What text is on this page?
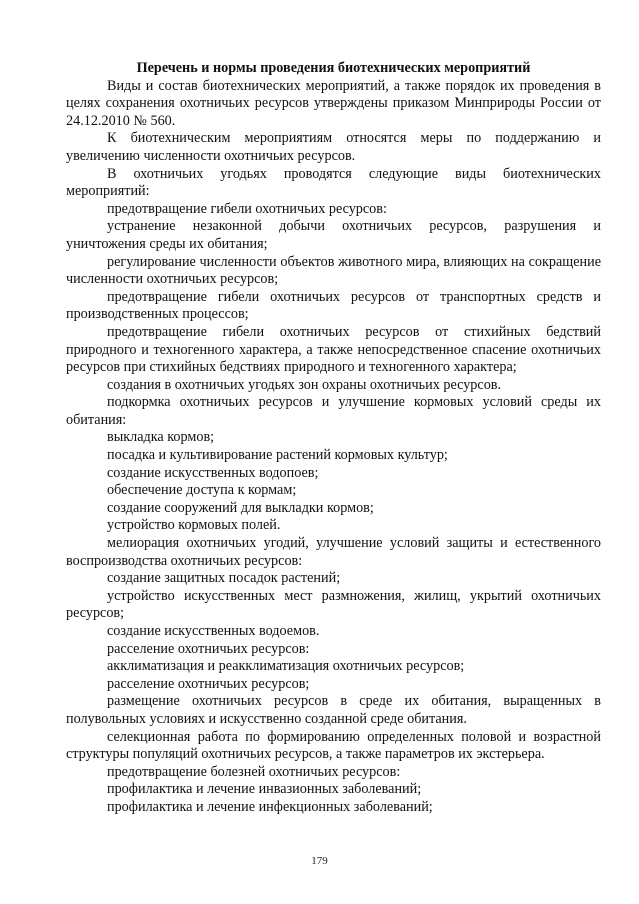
Перечень и нормы проведения биотехнических мероприятий

Виды и состав биотехнических мероприятий, а также порядок их проведения в целях сохранения охотничьих ресурсов утверждены приказом Минприроды России от 24.12.2010 № 560.

К биотехническим мероприятиям относятся меры по поддержанию и увеличению численности охотничьих ресурсов.

В охотничьих угодьях проводятся следующие виды биотехнических мероприятий:

предотвращение гибели охотничьих ресурсов:

устранение незаконной добычи охотничьих ресурсов, разрушения и уничтожения среды их обитания;

регулирование численности объектов животного мира, влияющих на сокращение численности охотничьих ресурсов;

предотвращение гибели охотничьих ресурсов от транспортных средств и производственных процессов;

предотвращение гибели охотничьих ресурсов от стихийных бедствий природного и техногенного характера, а также непосредственное спасение охотничьих ресурсов при стихийных бедствиях природного и техногенного характера;

создания в охотничьих угодьях зон охраны охотничьих ресурсов.

подкормка охотничьих ресурсов и улучшение кормовых условий среды их обитания:

выкладка кормов;

посадка и культивирование растений кормовых культур;

создание искусственных водопоев;

обеспечение доступа к кормам;

создание сооружений для выкладки кормов;

устройство кормовых полей.

мелиорация охотничьих угодий, улучшение условий защиты и естественного воспроизводства охотничьих ресурсов:

создание защитных посадок растений;

устройство искусственных мест размножения, жилищ, укрытий охотничьих ресурсов;

создание искусственных водоемов.

расселение охотничьих ресурсов:

акклиматизация и реакклиматизация охотничьих ресурсов;

расселение охотничьих ресурсов;

размещение охотничьих ресурсов в среде их обитания, выращенных в полувольных условиях и искусственно созданной среде обитания.

селекционная работа по формированию определенных половой и возрастной структуры популяций охотничьих ресурсов, а также параметров их экстерьера.

предотвращение болезней охотничьих ресурсов:

профилактика и лечение инвазионных заболеваний;

профилактика и лечение инфекционных заболеваний;

179
